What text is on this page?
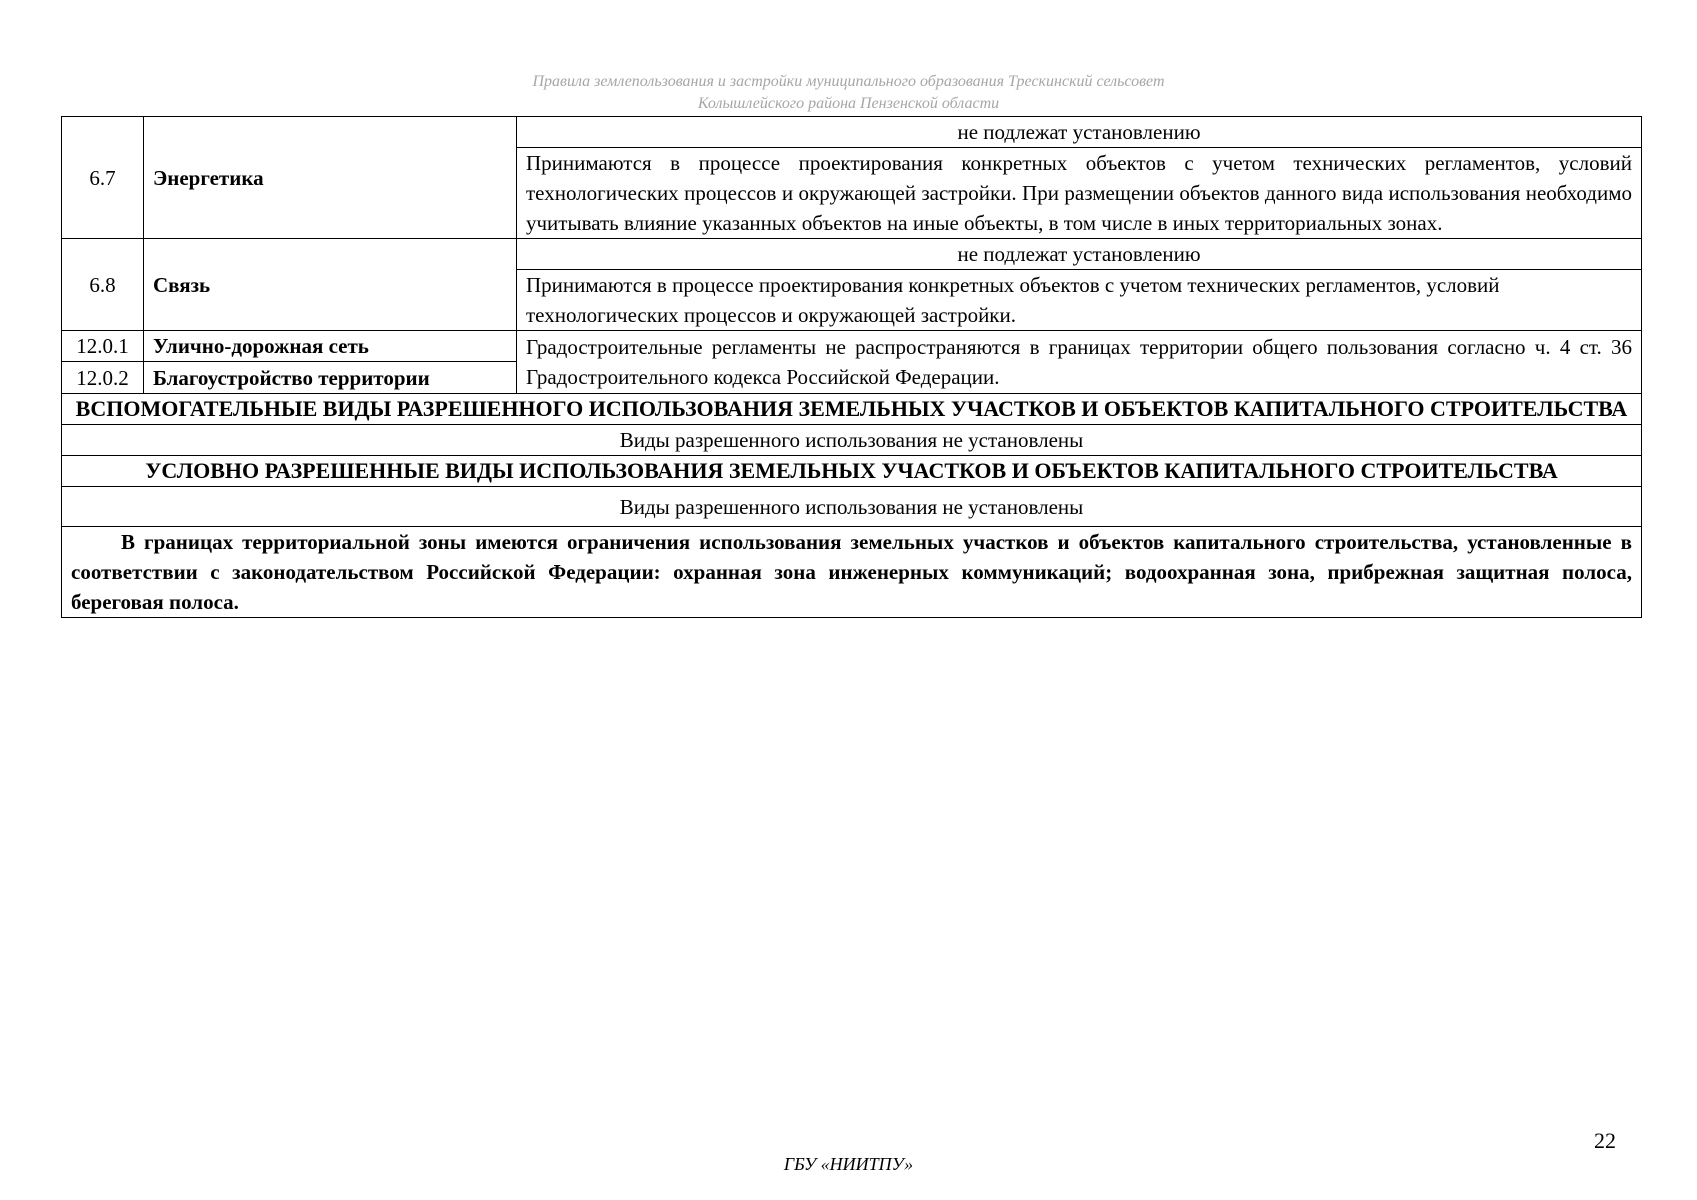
Правила землепользования и застройки муниципального образования Трескинский сельсовет
Колышлейского района Пензенской области
6.7	Энергетика	не подлежат установлению
		Принимаются в процессе проектирования конкретных объектов с учетом технических регламентов, условий технологических процессов и окружающей застройки. При размещении объектов данного вида использования необходимо учитывать влияние указанных объектов на иные объекты, в том числе в иных территориальных зонах.
6.8	Связь	не подлежат установлению
		Принимаются в процессе проектирования конкретных объектов с учетом технических регламентов, условий технологических процессов и окружающей застройки.
12.0.1	Улично-дорожная сеть	Градостроительные регламенты не распространяются в границах территории общего пользования согласно ч. 4 ст. 36 Градостроительного кодекса Российской Федерации.
12.0.2	Благоустройство территории	
ВСПОМОГАТЕЛЬНЫЕ ВИДЫ РАЗРЕШЕННОГО ИСПОЛЬЗОВАНИЯ ЗЕМЕЛЬНЫХ УЧАСТКОВ И ОБЪЕКТОВ КАПИТАЛЬНОГО СТРОИТЕЛЬСТВА		
Виды разрешенного использования не установлены		
УСЛОВНО РАЗРЕШЕННЫЕ ВИДЫ ИСПОЛЬЗОВАНИЯ ЗЕМЕЛЬНЫХ УЧАСТКОВ И ОБЪЕКТОВ КАПИТАЛЬНОГО СТРОИТЕЛЬСТВА		
Виды разрешенного использования не установлены		
В границах территориальной зоны имеются ограничения использования земельных участков и объектов капитального строительства, установленные в соответствии с законодательством Российской Федерации: охранная зона инженерных коммуникаций; водоохранная зона, прибрежная защитная полоса, береговая полоса.		
22
ГБУ «НИИТПУ»
